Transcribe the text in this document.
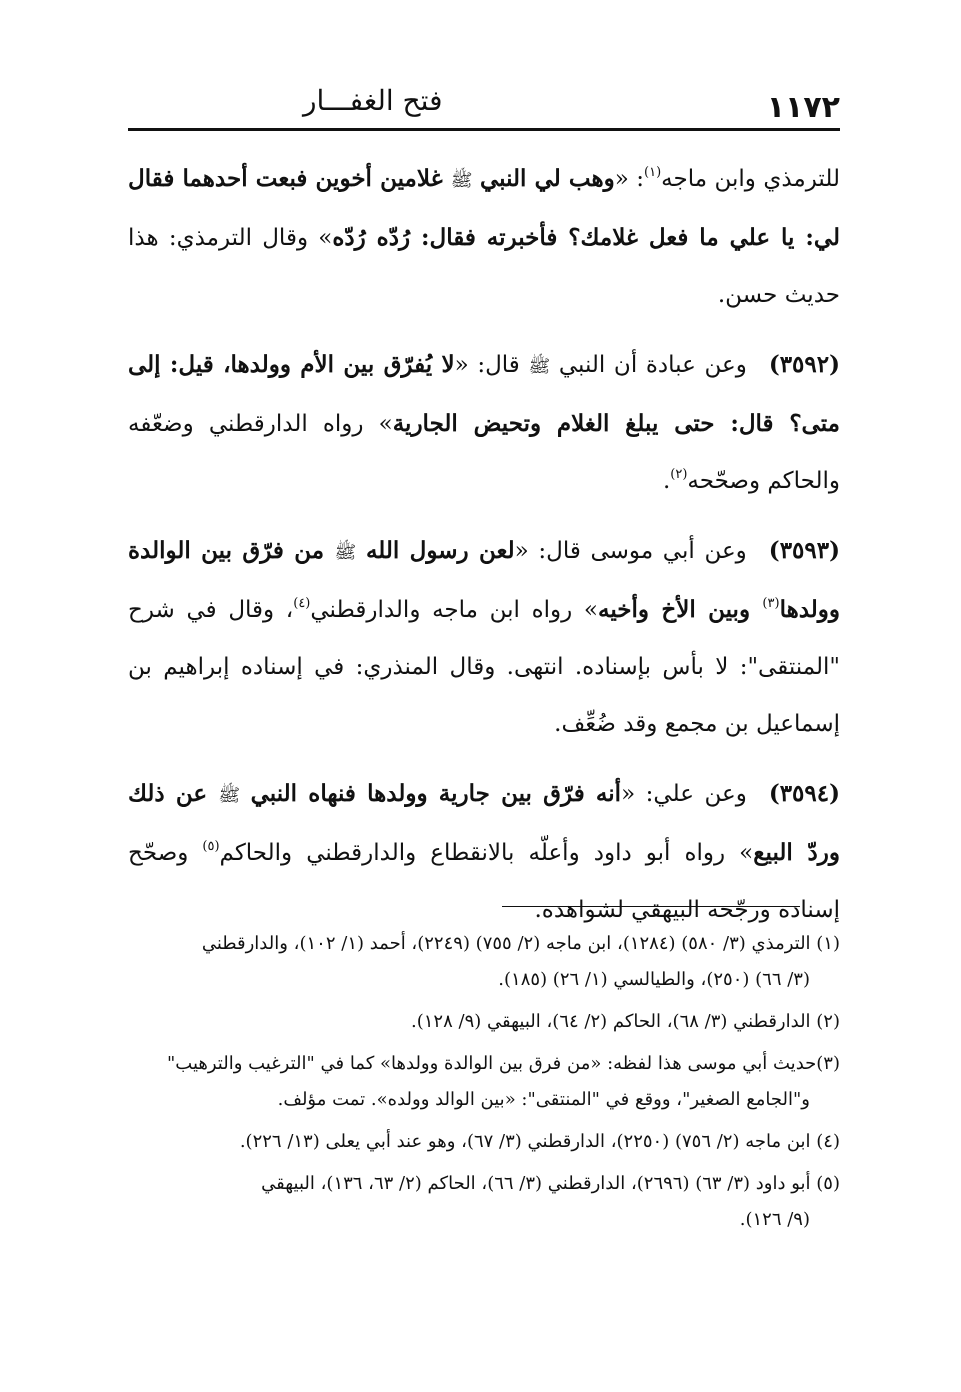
فتح الغفـــار	١١٧٢

للترمذي وابن ماجه$^{(١)}$: «وهب لي النبي ﷺ غلامين أخوين فبعت أحدهما فقال لي: يا علي ما فعل غلامك؟ فأخبرته فقال: رُدّه رُدّه» وقال الترمذي: هذا حديث حسن.

(٣٥٩٢)وعن عبادة أن النبي ﷺ قال: «لا يُفرّق بين الأم وولدها، قيل: إلى متى؟ قال: حتى يبلغ الغلام وتحيض الجارية» رواه الدارقطني وضعّفه والحاكم وصحّحه$^{(٢)}$.

(٣٥٩٣)وعن أبي موسى قال: «لعن رسول الله ﷺ من فرّق بين الوالدة وولدها$^{(٣)}$ وبين الأخ وأخيه» رواه ابن ماجه والدارقطني$^{(٤)}$، وقال في شرح "المنتقى": لا بأس بإسناده. انتهى. وقال المنذري: في إسناده إبراهيم بن إسماعيل بن مجمع وقد ضُعِّف.

(٣٥٩٤)وعن علي: «أنه فرّق بين جارية وولدها فنهاه النبي ﷺ عن ذلك وردّ البيع» رواه أبو داود وأعلّه بالانقطاع والدارقطني والحاكم$^{(٥)}$ وصحّح إسناده ورجّحه البيهقي لشواهده.

(١) الترمذي (٣/ ٥٨٠) (١٢٨٤)، ابن ماجه (٢/ ٧٥٥) (٢٢٤٩)، أحمد (١/ ١٠٢)، والدارقطني
(٣/ ٦٦) (٢٥٠)، والطيالسي (١/ ٢٦) (١٨٥).

(٢) الدارقطني (٣/ ٦٨)، الحاكم (٢/ ٦٤)، البيهقي (٩/ ١٢٨).

(٣)حديث أبي موسى هذا لفظه: «من فرق بين الوالدة وولدها» كما في "الترغيب والترهيب"
و"الجامع الصغير"، ووقع في "المنتقى": «بين الوالد وولده». تمت مؤلف.

(٤) ابن ماجه (٢/ ٧٥٦) (٢٢٥٠)، الدارقطني (٣/ ٦٧)، وهو عند أبي يعلى (١٣/ ٢٢٦).

(٥) أبو داود (٣/ ٦٣) (٢٦٩٦)، الدارقطني (٣/ ٦٦)، الحاكم (٢/ ٦٣، ١٣٦)، البيهقي
(٩/ ١٢٦).
